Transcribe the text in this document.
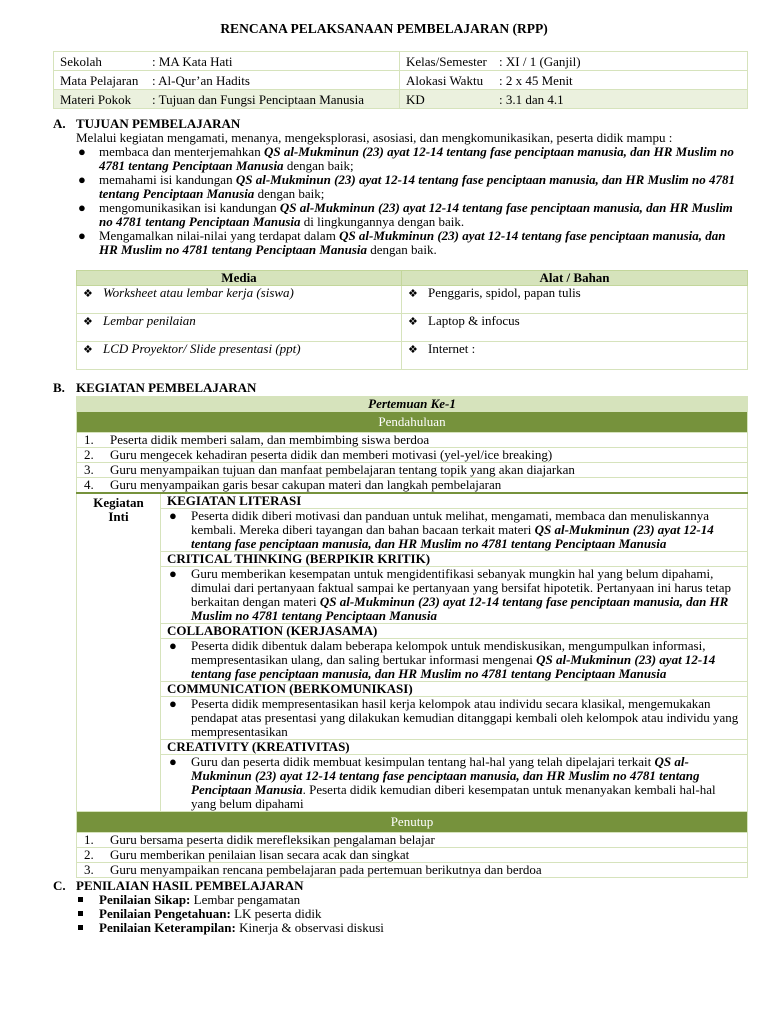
RENCANA PELAKSANAAN PEMBELAJARAN (RPP)
Sekolah : MA Kata Hati	Kelas/Semester : XI / 1 (Ganjil)
Mata Pelajaran : Al-Qur’an Hadits	Alokasi Waktu : 2 x 45 Menit
Materi Pokok : Tujuan dan Fungsi Penciptaan Manusia	KD : 3.1 dan 4.1
A. TUJUAN PEMBELAJARAN
Melalui kegiatan mengamati, menanya, mengeksplorasi, asosiasi, dan mengkomunikasikan, peserta didik mampu :
● membaca dan menterjemahkan QS al-Mukminun (23) ayat 12-14 tentang fase penciptaan manusia, dan HR Muslim no 4781 tentang Penciptaan Manusia dengan baik;
● memahami isi kandungan QS al-Mukminun (23) ayat 12-14 tentang fase penciptaan manusia, dan HR Muslim no 4781 tentang Penciptaan Manusia dengan baik;
● mengomunikasikan isi kandungan QS al-Mukminun (23) ayat 12-14 tentang fase penciptaan manusia, dan HR Muslim no 4781 tentang Penciptaan Manusia di lingkungannya dengan baik.
● Mengamalkan nilai-nilai yang terdapat dalam QS al-Mukminun (23) ayat 12-14 tentang fase penciptaan manusia, dan HR Muslim no 4781 tentang Penciptaan Manusia dengan baik.
Media	Alat / Bahan
❖ Worksheet atau lembar kerja (siswa)	❖ Penggaris, spidol, papan tulis
❖ Lembar penilaian	❖ Laptop & infocus
❖ LCD Proyektor/ Slide presentasi (ppt)	❖ Internet :
B. KEGIATAN PEMBELAJARAN
Pertemuan Ke-1
Pendahuluan
1. Peserta didik memberi salam, dan membimbing siswa berdoa
2. Guru mengecek kehadiran peserta didik dan memberi motivasi (yel-yel/ice breaking)
3. Guru menyampaikan tujuan dan manfaat pembelajaran tentang topik yang akan diajarkan
4. Guru menyampaikan garis besar cakupan materi dan langkah pembelajaran
Kegiatan
Inti	KEGIATAN LITERASI

● Peserta didik diberi motivasi dan panduan untuk melihat, mengamati, membaca dan menuliskannya kembali. Mereka diberi tayangan dan bahan bacaan terkait materi QS al-Mukminun (23) ayat 12-14 tentang fase penciptaan manusia, dan HR Muslim no 4781 tentang Penciptaan Manusia
CRITICAL THINKING (BERPIKIR KRITIK)

● Guru memberikan kesempatan untuk mengidentifikasi sebanyak mungkin hal yang belum dipahami, dimulai dari pertanyaan faktual sampai ke pertanyaan yang bersifat hipotetik. Pertanyaan ini harus tetap berkaitan dengan materi QS al-Mukminun (23) ayat 12-14 tentang fase penciptaan manusia, dan HR Muslim no 4781 tentang Penciptaan Manusia
COLLABORATION (KERJASAMA)

● Peserta didik dibentuk dalam beberapa kelompok untuk mendiskusikan, mengumpulkan informasi, mempresentasikan ulang, dan saling bertukar informasi mengenai QS al-Mukminun (23) ayat 12-14 tentang fase penciptaan manusia, dan HR Muslim no 4781 tentang Penciptaan Manusia
COMMUNICATION (BERKOMUNIKASI)

● Peserta didik mempresentasikan hasil kerja kelompok atau individu secara klasikal, mengemukakan pendapat atas presentasi yang dilakukan kemudian ditanggapi kembali oleh kelompok atau individu yang mempresentasikan
CREATIVITY (KREATIVITAS)

● Guru dan peserta didik membuat kesimpulan tentang hal-hal yang telah dipelajari terkait QS al-Mukminun (23) ayat 12-14 tentang fase penciptaan manusia, dan HR Muslim no 4781 tentang Penciptaan Manusia. Peserta didik kemudian diberi kesempatan untuk menanyakan kembali hal-hal yang belum dipahami
Penutup
1. Guru bersama peserta didik merefleksikan pengalaman belajar
2. Guru memberikan penilaian lisan secara acak dan singkat
3. Guru menyampaikan rencana pembelajaran pada pertemuan berikutnya dan berdoa
C. PENILAIAN HASIL PEMBELAJARAN
Penilaian Sikap: Lembar pengamatan
Penilaian Pengetahuan: LK peserta didik
Penilaian Keterampilan: Kinerja & observasi diskusi
